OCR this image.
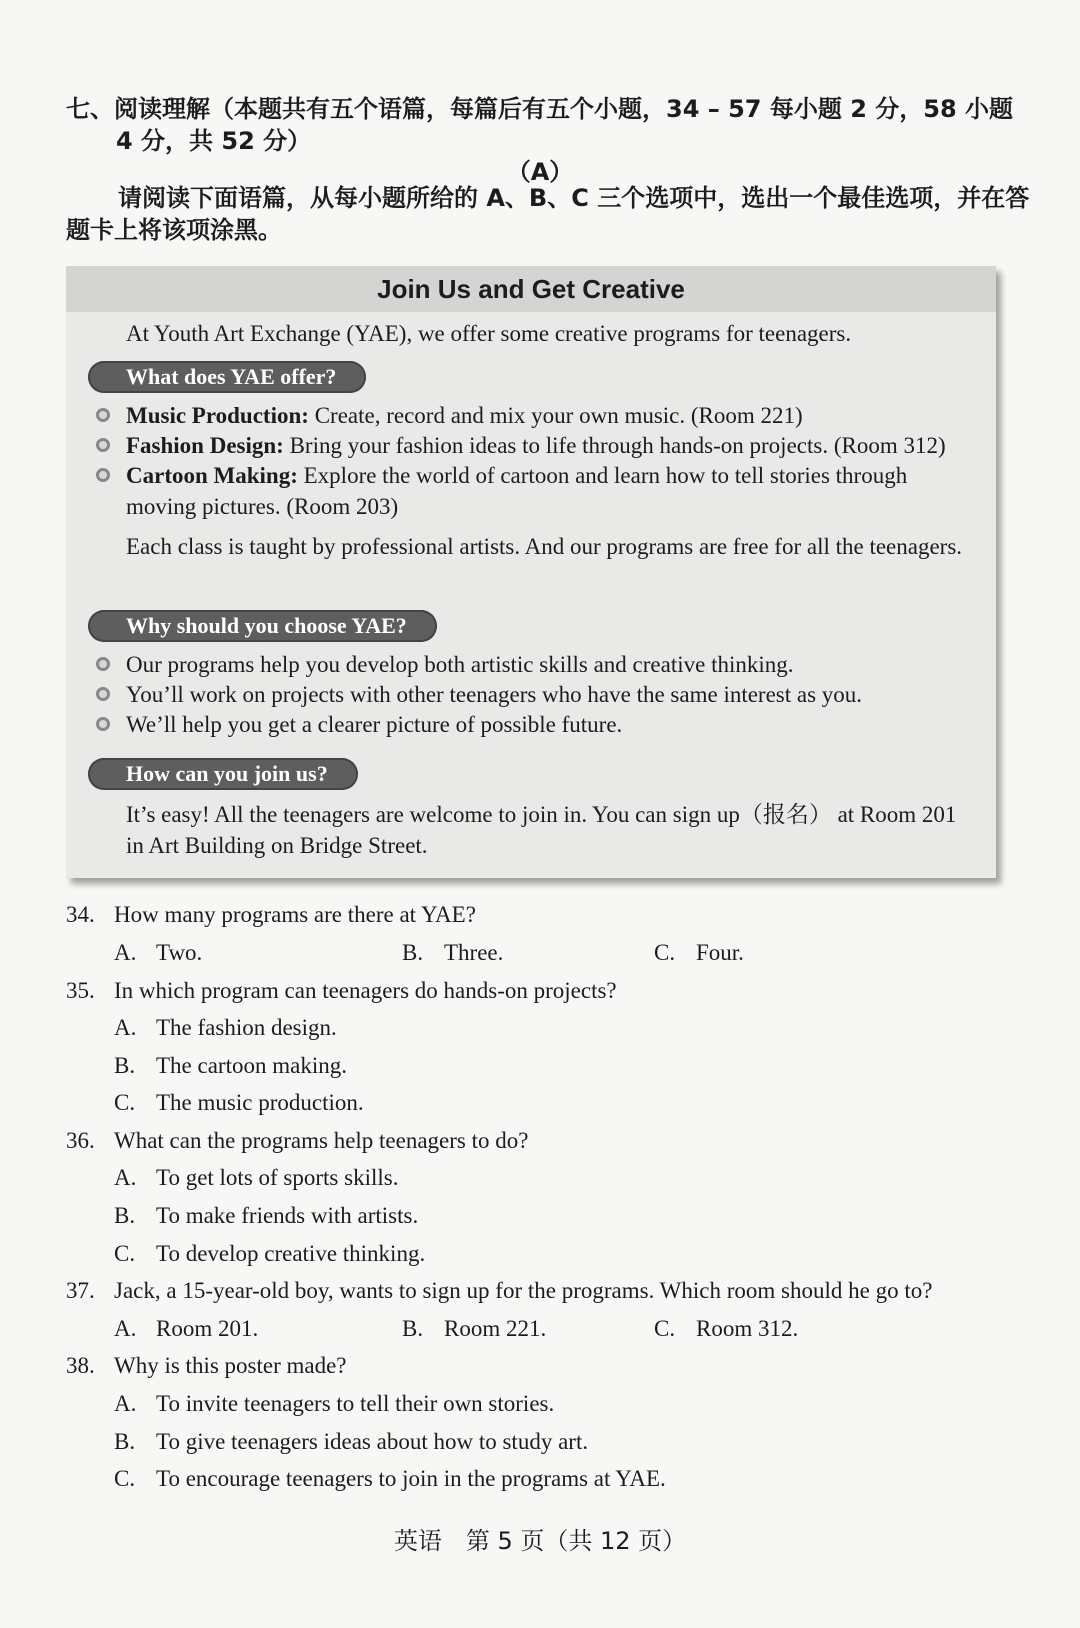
七、阅读理解（本题共有五个语篇，每篇后有五个小题，34 – 57 每小题 2 分，58 小题
4 分，共 52 分）
（A）
请阅读下面语篇，从每小题所给的 A、B、C 三个选项中，选出一个最佳选项，并在答题卡上将该项涂黑。
Join Us and Get Creative
At Youth Art Exchange (YAE), we offer some creative programs for teenagers.
What does YAE offer?
Music Production: Create, record and mix your own music. (Room 221)
Fashion Design: Bring your fashion ideas to life through hands-on projects. (Room 312)
Cartoon Making: Explore the world of cartoon and learn how to tell stories through moving pictures. (Room 203)
Each class is taught by professional artists. And our programs are free for all the teenagers.
Why should you choose YAE?
Our programs help you develop both artistic skills and creative thinking.
You’ll work on projects with other teenagers who have the same interest as you.
We’ll help you get a clearer picture of possible future.
How can you join us?
It’s easy! All the teenagers are welcome to join in. You can sign up（报名） at Room 201 in Art Building on Bridge Street.
34. How many programs are there at YAE?
A. Two.	B. Three.	C. Four.
35. In which program can teenagers do hands-on projects?
A. The fashion design.
B. The cartoon making.
C. The music production.
36. What can the programs help teenagers to do?
A. To get lots of sports skills.
B. To make friends with artists.
C. To develop creative thinking.
37. Jack, a 15-year-old boy, wants to sign up for the programs. Which room should he go to?
A. Room 201.	B. Room 221.	C. Room 312.
38. Why is this poster made?
A. To invite teenagers to tell their own stories.
B. To give teenagers ideas about how to study art.
C. To encourage teenagers to join in the programs at YAE.
英语　第 5 页（共 12 页）
